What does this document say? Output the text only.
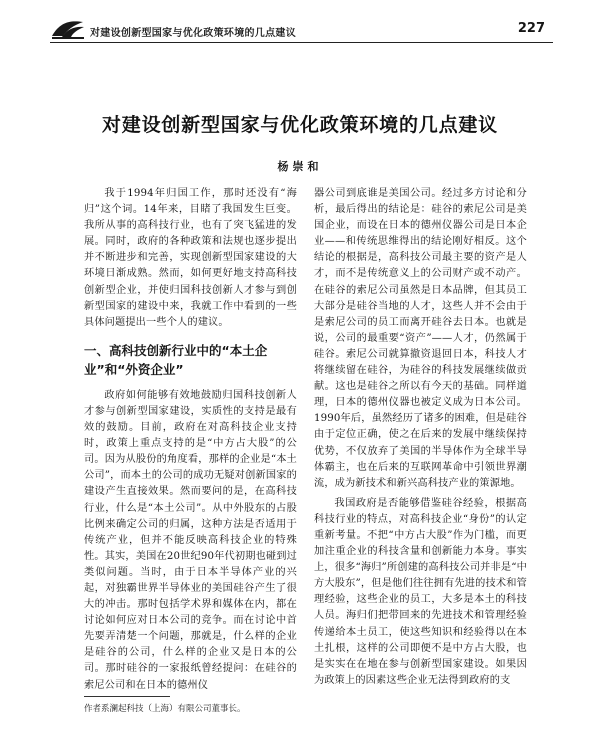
对建设创新型国家与优化政策环境的几点建议	227
对建设创新型国家与优化政策环境的几点建议
杨崇和

我于1994年归国工作，那时还没有“海归”这个词。14年来，目睹了我国发生巨变。我所从事的高科技行业，也有了突飞猛进的发展。同时，政府的各种政策和法规也逐步提出并不断进步和完善，实现创新型国家建设的大环境日渐成熟。然而，如何更好地支持高科技创新型企业，并使归国科技创新人才参与到创新型国家的建设中来，我就工作中看到的一些具体问题提出一些个人的建议。

一、高科技创新行业中的“本土企业”和“外资企业”

政府如何能够有效地鼓励归国科技创新人才参与创新型国家建设，实质性的支持是最有效的鼓励。目前，政府在对高科技企业支持时，政策上重点支持的是“中方占大股”的公司。因为从股份的角度看，那样的企业是“本土公司”，而本土的公司的成功无疑对创新国家的建设产生直接效果。然而要问的是，在高科技行业，什么是“本土公司”。从中外股东的占股比例来确定公司的归属，这种方法是否适用于传统产业，但并不能反映高科技企业的特殊性。其实，美国在20世纪90年代初期也碰到过类似问题。当时，由于日本半导体产业的兴起，对独霸世界半导体业的美国硅谷产生了很大的冲击。那时包括学术界和媒体在内，都在讨论如何应对日本公司的竞争。而在讨论中首先要弄清楚一个问题，那就是，什么样的企业是硅谷的公司，什么样的企业又是日本的公司。那时硅谷的一家报纸曾经提问：在硅谷的索尼公司和在日本的德州仪

器公司到底谁是美国公司。经过多方讨论和分析，最后得出的结论是：硅谷的索尼公司是美国企业，而设在日本的德州仪器公司是日本企业——和传统思维得出的结论刚好相反。这个结论的根据是，高科技公司最主要的资产是人才，而不是传统意义上的公司财产或不动产。在硅谷的索尼公司虽然是日本品牌，但其员工大部分是硅谷当地的人才，这些人并不会由于是索尼公司的员工而离开硅谷去日本。也就是说，公司的最重要“资产”——人才，仍然属于硅谷。索尼公司就算撤资退回日本，科技人才将继续留在硅谷，为硅谷的科技发展继续做贡献。这也是硅谷之所以有今天的基础。同样道理，日本的德州仪器也被定义成为日本公司。1990年后，虽然经历了诸多的困难，但是硅谷由于定位正确，使之在后来的发展中继续保持优势，不仅放弃了美国的半导体作为全球半导体霸主，也在后来的互联网革命中引领世界潮流，成为新技术和新兴高科技产业的策源地。

我国政府是否能够借鉴硅谷经验，根据高科技行业的特点，对高科技企业“身份”的认定重新考量。不把“中方占大股”作为门槛，而更加注重企业的科技含量和创新能力本身。事实上，很多“海归”所创建的高科技公司并非是“中方大股东”，但是他们往往拥有先进的技术和管理经验，这些企业的员工，大多是本土的科技人员。海归们把带回来的先进技术和管理经验传递给本土员工，使这些知识和经验得以在本土扎根，这样的公司即便不是中方占大股，也是实实在在地在参与创新型国家建设。如果因为政策上的因素这些企业无法得到政府的支

作者系澜起科技（上海）有限公司董事长。
